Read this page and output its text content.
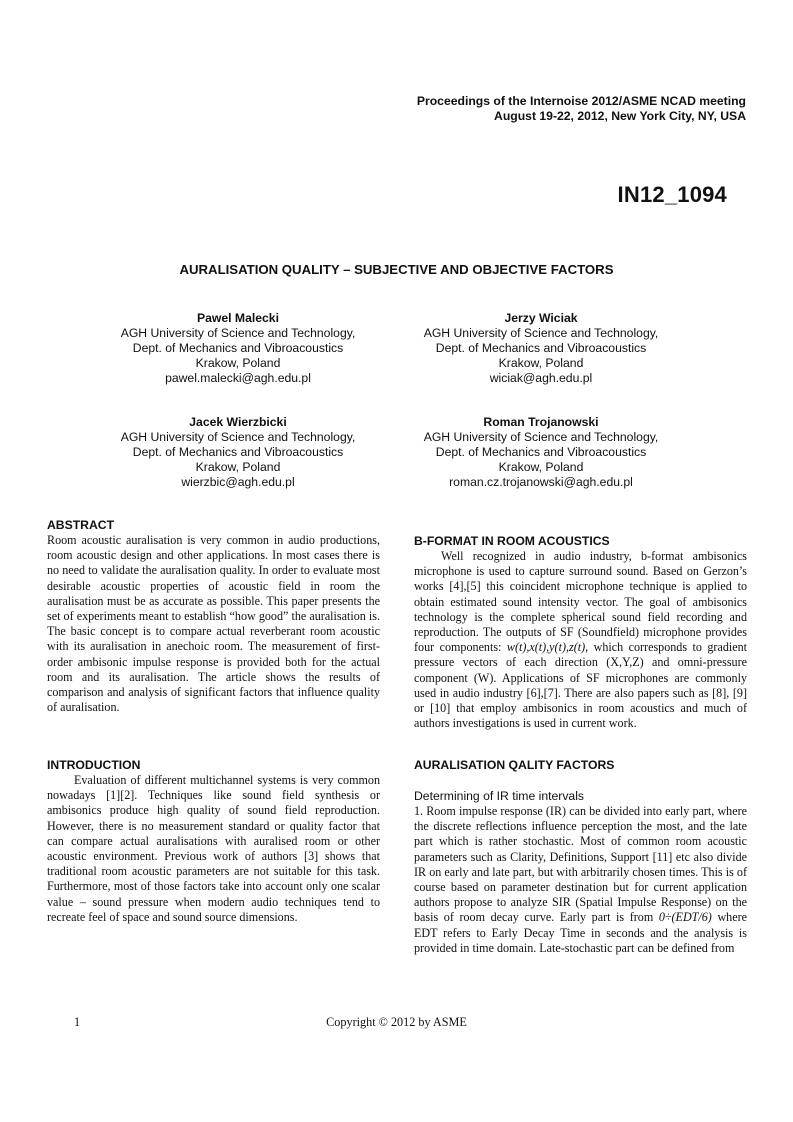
Proceedings of the Internoise 2012/ASME NCAD meeting
August 19-22, 2012, New York City, NY, USA
IN12_1094
AURALISATION QUALITY – SUBJECTIVE AND OBJECTIVE FACTORS
Pawel Malecki
AGH University of Science and Technology,
Dept. of Mechanics and Vibroacoustics
Krakow, Poland
pawel.malecki@agh.edu.pl
Jerzy Wiciak
AGH University of Science and Technology,
Dept. of Mechanics and Vibroacoustics
Krakow, Poland
wiciak@agh.edu.pl
Jacek Wierzbicki
AGH University of Science and Technology,
Dept. of Mechanics and Vibroacoustics
Krakow, Poland
wierzbic@agh.edu.pl
Roman Trojanowski
AGH University of Science and Technology,
Dept. of Mechanics and Vibroacoustics
Krakow, Poland
roman.cz.trojanowski@agh.edu.pl

ABSTRACT

Room acoustic auralisation is very common in audio productions, room acoustic design and other applications. In most cases there is no need to validate the auralisation quality. In order to evaluate most desirable acoustic properties of acoustic field in room the auralisation must be as accurate as possible. This paper presents the set of experiments meant to establish “how good” the auralisation is. The basic concept is to compare actual reverberant room acoustic with its auralisation in anechoic room. The measurement of first-order ambisonic impulse response is provided both for the actual room and its auralisation. The article shows the results of comparison and analysis of significant factors that influence quality of auralisation.

INTRODUCTION

Evaluation of different multichannel systems is very common nowadays [1][2]. Techniques like sound field synthesis or ambisonics produce high quality of sound field reproduction. However, there is no measurement standard or quality factor that can compare actual auralisations with auralised room or other acoustic environment. Previous work of authors [3] shows that traditional room acoustic parameters are not suitable for this task. Furthermore, most of those factors take into account only one scalar value – sound pressure when modern audio techniques tend to recreate feel of space and sound source dimensions.

B-FORMAT IN ROOM ACOUSTICS

Well recognized in audio industry, b-format ambisonics microphone is used to capture surround sound. Based on Gerzon’s works [4],[5] this coincident microphone technique is applied to obtain estimated sound intensity vector. The goal of ambisonics technology is the complete spherical sound field recording and reproduction. The outputs of SF (Soundfield) microphone provides four components: w(t),x(t),y(t),z(t), which corresponds to gradient pressure vectors of each direction (X,Y,Z) and omni-pressure component (W). Applications of SF microphones are commonly used in audio industry [6],[7]. There are also papers such as [8], [9] or [10] that employ ambisonics in room acoustics and much of authors investigations is used in current work.

AURALISATION QALITY FACTORS

Determining of IR time intervals

1. Room impulse response (IR) can be divided into early part, where the discrete reflections influence perception the most, and the late part which is rather stochastic. Most of common room acoustic parameters such as Clarity, Definitions, Support [11] etc also divide IR on early and late part, but with arbitrarily chosen times. This is of course based on parameter destination but for current application authors propose to analyze SIR (Spatial Impulse Response) on the basis of room decay curve. Early part is from 0÷(EDT/6) where EDT refers to Early Decay Time in seconds and the analysis is provided in time domain. Late-stochastic part can be defined from

1	Copyright © 2012 by ASME
